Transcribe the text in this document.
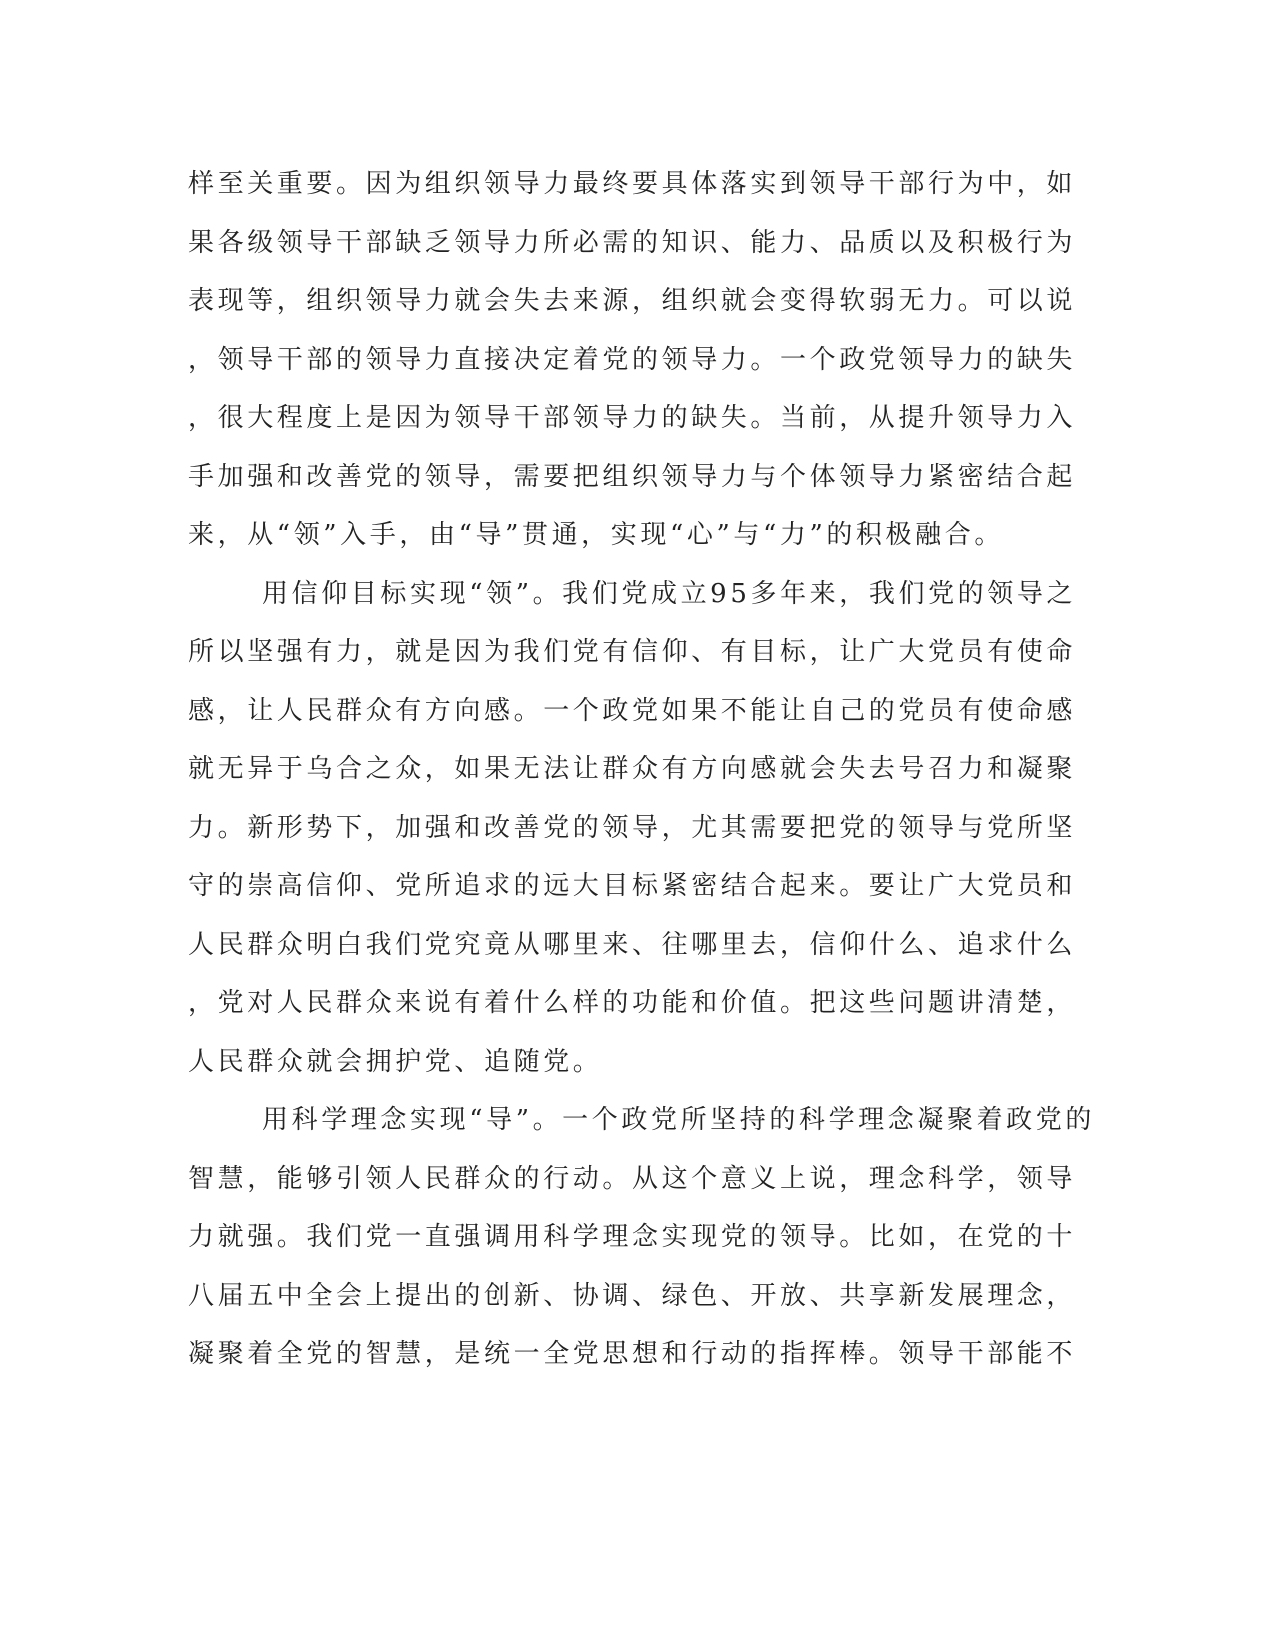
样至关重要。因为组织领导力最终要具体落实到领导干部行为中，如
果各级领导干部缺乏领导力所必需的知识、能力、品质以及积极行为
表现等，组织领导力就会失去来源，组织就会变得软弱无力。可以说
，领导干部的领导力直接决定着党的领导力。一个政党领导力的缺失
，很大程度上是因为领导干部领导力的缺失。当前，从提升领导力入
手加强和改善党的领导，需要把组织领导力与个体领导力紧密结合起
来，从“领”入手，由“导”贯通，实现“心”与“力”的积极融合。
用信仰目标实现“领”。我们党成立95多年来，我们党的领导之
所以坚强有力，就是因为我们党有信仰、有目标，让广大党员有使命
感，让人民群众有方向感。一个政党如果不能让自己的党员有使命感
就无异于乌合之众，如果无法让群众有方向感就会失去号召力和凝聚
力。新形势下，加强和改善党的领导，尤其需要把党的领导与党所坚
守的崇高信仰、党所追求的远大目标紧密结合起来。要让广大党员和
人民群众明白我们党究竟从哪里来、往哪里去，信仰什么、追求什么
，党对人民群众来说有着什么样的功能和价值。把这些问题讲清楚，
人民群众就会拥护党、追随党。
用科学理念实现“导”。一个政党所坚持的科学理念凝聚着政党的
智慧，能够引领人民群众的行动。从这个意义上说，理念科学，领导
力就强。我们党一直强调用科学理念实现党的领导。比如，在党的十
八届五中全会上提出的创新、协调、绿色、开放、共享新发展理念，
凝聚着全党的智慧，是统一全党思想和行动的指挥棒。领导干部能不
